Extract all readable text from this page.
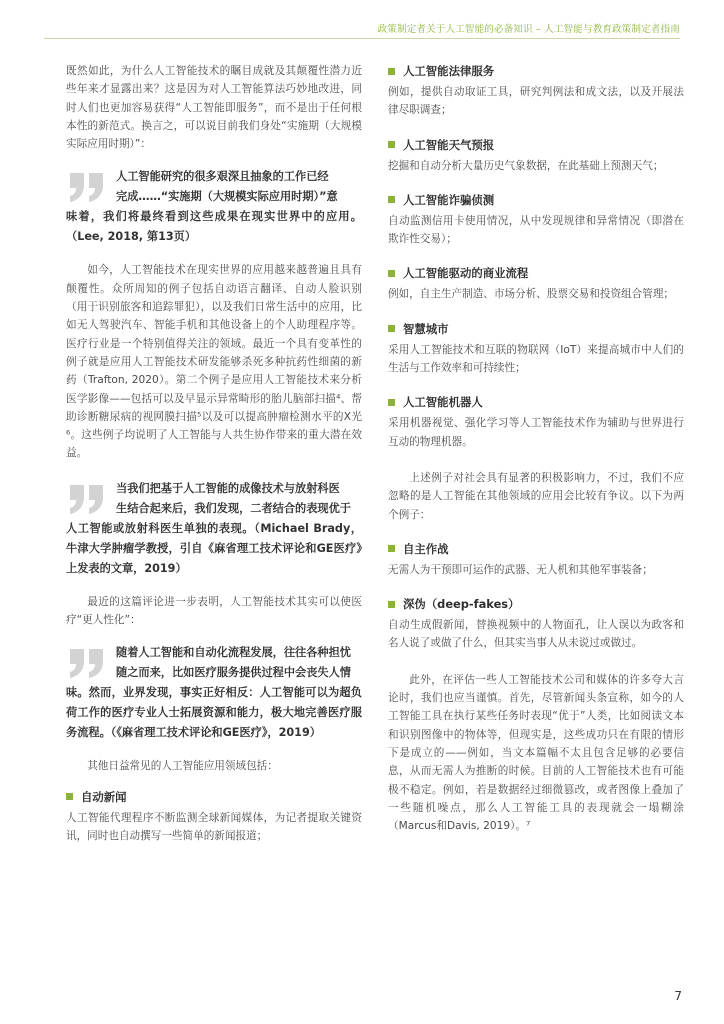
政策制定者关于人工智能的必备知识 – 人工智能与教育政策制定者指南

既然如此，为什么人工智能技术的瞩目成就及其颠覆性潜力近些年来才显露出来？这是因为对人工智能算法巧妙地改进，同时人们也更加容易获得“人工智能即服务”，而不是出于任何根本性的新范式。换言之，可以说目前我们身处“实施期（大规模实际应用时期）”：

人工智能研究的很多艰深且抽象的工作已经
完成……“实施期（大规模实际应用时期）”意
味着，我们将最终看到这些成果在现实世界中的应用。（Lee, 2018, 第13页）

如今，人工智能技术在现实世界的应用越来越普遍且具有颠覆性。众所周知的例子包括自动语言翻译、自动人脸识别（用于识别旅客和追踪罪犯），以及我们日常生活中的应用，比如无人驾驶汽车、智能手机和其他设备上的个人助理程序等。医疗行业是一个特别值得关注的领域。最近一个具有变革性的例子就是应用人工智能技术研发能够杀死多种抗药性细菌的新药（Trafton, 2020）。第二个例子是应用人工智能技术来分析医学影像——包括可以及早显示异常畸形的胎儿脑部扫描⁴、帮助诊断糖尿病的视网膜扫描⁵以及可以提高肿瘤检测水平的X光⁶。这些例子均说明了人工智能与人共生协作带来的重大潜在效益。

当我们把基于人工智能的成像技术与放射科医
生结合起来后，我们发现，二者结合的表现优于
人工智能或放射科医生单独的表现。（Michael Brady，牛津大学肿瘤学教授，引自《麻省理工技术评论和GE医疗》上发表的文章，2019）

最近的这篇评论进一步表明，人工智能技术其实可以使医疗“更人性化”：

随着人工智能和自动化流程发展，往往各种担忧
随之而来，比如医疗服务提供过程中会丧失人情
味。然而，业界发现，事实正好相反：人工智能可以为超负荷工作的医疗专业人士拓展资源和能力，极大地完善医疗服务流程。（《麻省理工技术评论和GE医疗》，2019）

其他日益常见的人工智能应用领域包括：

自动新闻

人工智能代理程序不断监测全球新闻媒体，为记者提取关键资讯，同时也自动撰写一些简单的新闻报道；

人工智能法律服务

例如，提供自动取证工具，研究判例法和成文法，以及开展法律尽职调查；

人工智能天气预报

挖掘和自动分析大量历史气象数据，在此基础上预测天气；

人工智能诈骗侦测

自动监测信用卡使用情况，从中发现规律和异常情况（即潜在欺诈性交易）；

人工智能驱动的商业流程

例如，自主生产制造、市场分析、股票交易和投资组合管理；

智慧城市

采用人工智能技术和互联的物联网（IoT）来提高城市中人们的生活与工作效率和可持续性；

人工智能机器人

采用机器视觉、强化学习等人工智能技术作为辅助与世界进行互动的物理机器。

上述例子对社会具有显著的积极影响力，不过，我们不应忽略的是人工智能在其他领域的应用会比较有争议。以下为两个例子：

自主作战

无需人为干预即可运作的武器、无人机和其他军事装备；

深伪（deep-fakes）

自动生成假新闻，替换视频中的人物面孔，让人误以为政客和名人说了或做了什么，但其实当事人从未说过或做过。

此外，在评估一些人工智能技术公司和媒体的许多夸大言论时，我们也应当谨慎。首先，尽管新闻头条宣称，如今的人工智能工具在执行某些任务时表现“优于”人类，比如阅读文本和识别图像中的物体等，但现实是，这些成功只在有限的情形下是成立的——例如，当文本篇幅不太且包含足够的必要信息，从而无需人为推断的时候。目前的人工智能技术也有可能极不稳定。例如，若是数据经过细微篡改，或者图像上叠加了一些随机噪点，那么人工智能工具的表现就会一塌糊涂（Marcus和Davis, 2019）。⁷

7
